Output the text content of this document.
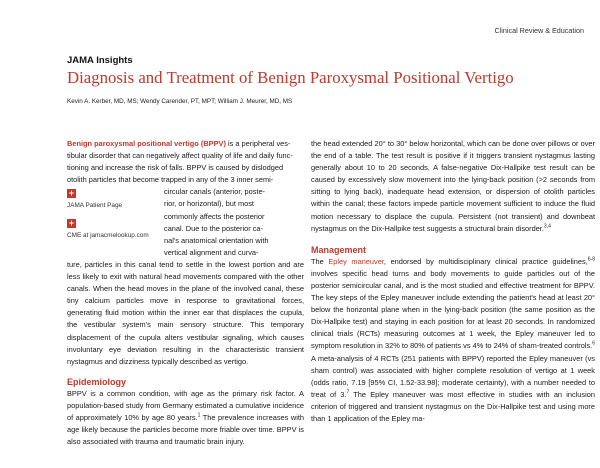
Clinical Review & Education
JAMA Insights
Diagnosis and Treatment of Benign Paroxysmal Positional Vertigo
Kevin A. Kerber, MD, MS; Wendy Carender, PT, MPT; William J. Meurer, MD, MS

Benign paroxysmal positional vertigo (BPPV) is a peripheral ves-
tibular disorder that can negatively affect quality of life and daily func-
tioning and increase the risk of falls. BPPV is caused by dislodged
otolith particles that become trapped in any of the 3 inner semi-

+
JAMA Patient Page
+
CME at jamacmelookup.com
circular canals (anterior, poste-
rior, or horizontal), but most
commonly affects the posterior
canal. Due to the posterior ca-
nal's anatomical orientation with
vertical alignment and curva-

ture, particles in this canal tend to settle in the lowest portion and are less likely to exit with natural head movements compared with the other canals. When the head moves in the plane of the involved canal, these tiny calcium particles move in response to gravitational forces, generating fluid motion within the inner ear that displaces the cupula, the vestibular system's main sensory structure. This temporary displacement of the cupula alters vestibular signaling, which causes involuntary eye deviation resulting in the characteristic transient nystagmus and dizziness typically described as vertigo.

Epidemiology

BPPV is a common condition, with age as the primary risk factor. A population-based study from Germany estimated a cumulative incidence of approximately 10% by age 80 years.$^1$ The prevalence increases with age likely because the particles become more friable over time. BPPV is also associated with trauma and traumatic brain injury.

the head extended 20° to 30° below horizontal, which can be done over pillows or over the end of a table. The test result is positive if it triggers transient nystagmus lasting generally about 10 to 20 seconds. A false-negative Dix-Hallpike test result can be caused by excessively slow movement into the lying-back position (>2 seconds from sitting to lying back), inadequate head extension, or dispersion of otolith particles within the canal; these factors impede particle movement sufficient to induce the fluid motion necessary to displace the cupula. Persistent (not transient) and downbeat nystagmus on the Dix-Hallpike test suggests a structural brain disorder.$^{3,4}$

Management

The Epley maneuver, endorsed by multidisciplinary clinical practice guidelines,$^{6-8}$ involves specific head turns and body movements to guide particles out of the posterior semicircular canal, and is the most studied and effective treatment for BPPV. The key steps of the Epley maneuver include extending the patient's head at least 20° below the horizontal plane when in the lying-back position (the same position as the Dix-Hallpike test) and staying in each position for at least 20 seconds. In randomized clinical trials (RCTs) measuring outcomes at 1 week, the Epley maneuver led to symptom resolution in 32% to 80% of patients vs 4% to 24% of sham-treated controls.$^6$ A meta-analysis of 4 RCTs (251 patients with BPPV) reported the Epley maneuver (vs sham control) was associated with higher complete resolution of vertigo at 1 week (odds ratio, 7.19 [95% CI, 1.52-33.98]; moderate certainty), with a number needed to treat of 3.$^7$ The Epley maneuver was most effective in studies with an inclusion criterion of triggered and transient nystagmus on the Dix-Hallpike test and using more than 1 application of the Epley ma-
